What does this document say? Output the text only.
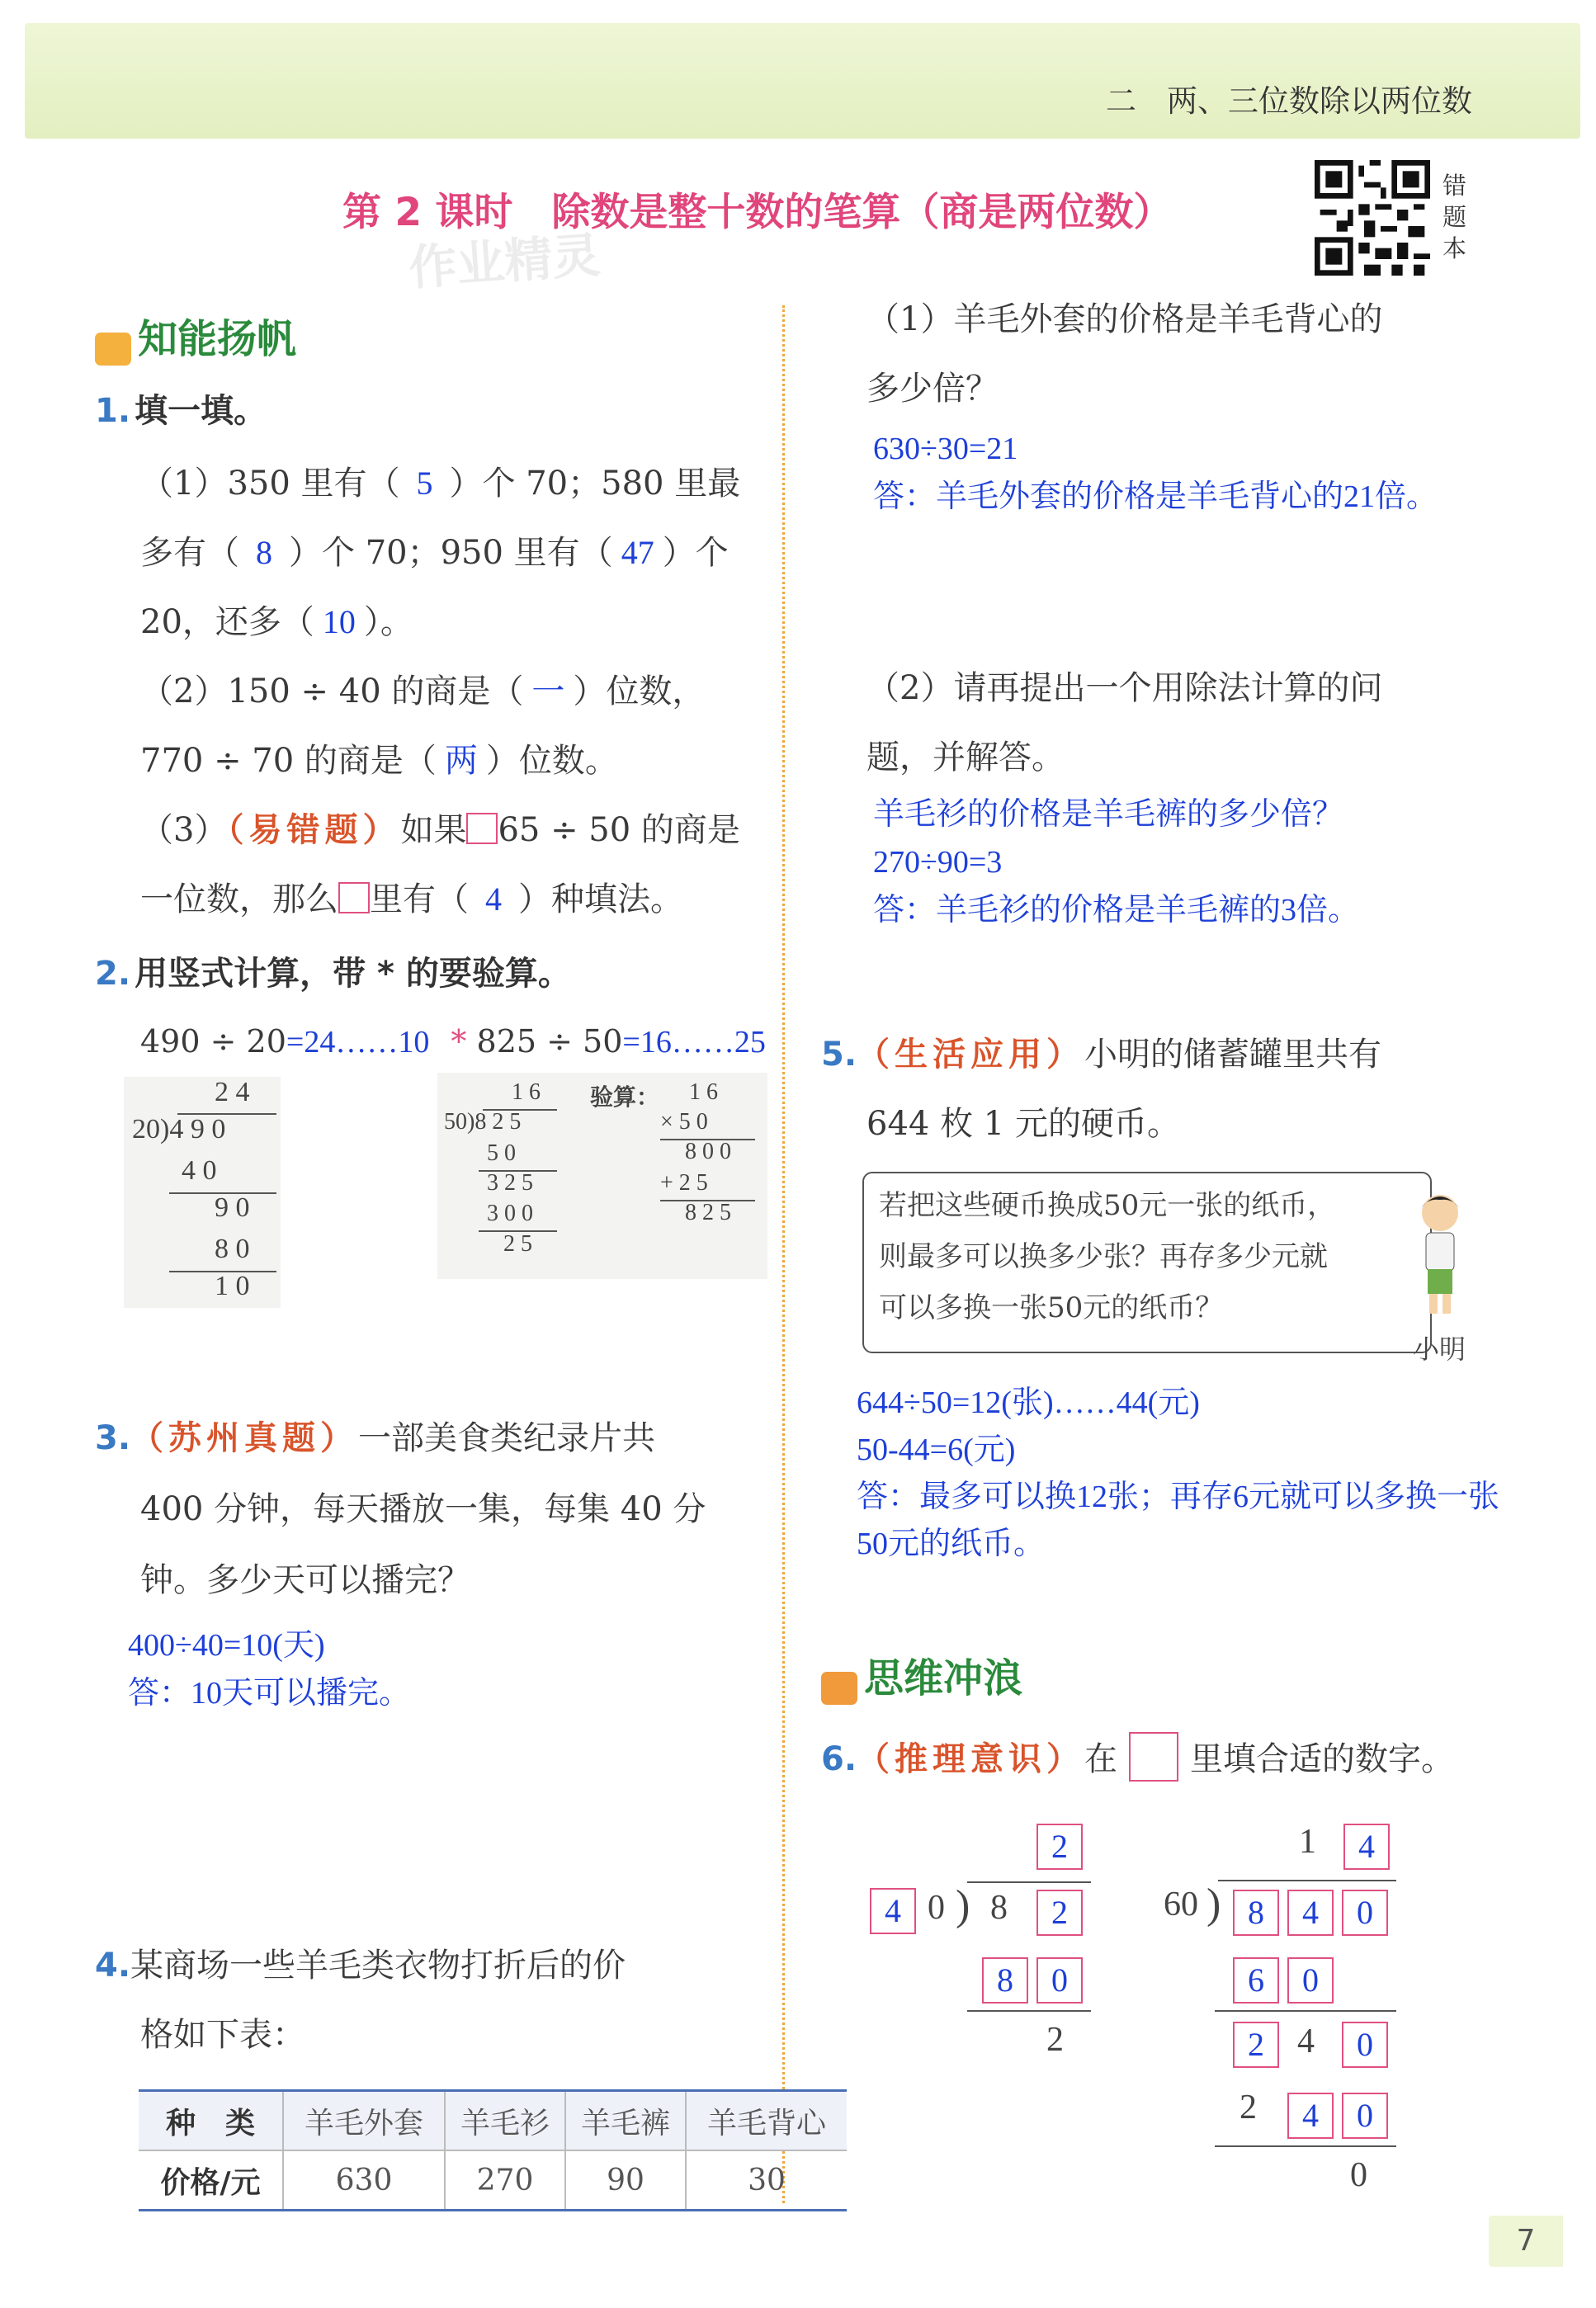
二　两、三位数除以两位数
第 2 课时　除数是整十数的笔算（商是两位数）
作业精灵
错题本
知能扬帆
1. 填一填。
（1）350 里有（ 5 ）个 70；580 里最
多有（ 8 ）个 70；950 里有（ 47 ）个
20，还多（ 10 ）。
（2）150 ÷ 40 的商是（ 一 ）位数，
770 ÷ 70 的商是（ 两 ）位数。
（3）（易错题）如果 65 ÷ 50 的商是
一位数，那么 里有（ 4 ）种填法。
2. 用竖式计算，带 * 的要验算。
490 ÷ 20=24……10 * 825 ÷ 50=16……25
2 4
20)4 9 0
4 0
9 0
8 0
1 0
1 6
50)8 2 5
5 0
3 2 5
3 0 0
2 5
验算： 1 6
× 5 0
8 0 0
+ 2 5
8 2 5
3.（苏州真题）一部美食类纪录片共
400 分钟，每天播放一集，每集 40 分
钟。多少天可以播完？
400÷40=10(天)
答：10天可以播完。
4.某商场一些羊毛类衣物打折后的价
格如下表：
种　类	羊毛外套	羊毛衫	羊毛裤	羊毛背心
价格/元	630	270	90	30
（1）羊毛外套的价格是羊毛背心的
多少倍？
630÷30=21
答：羊毛外套的价格是羊毛背心的21倍。
（2）请再提出一个用除法计算的问
题，并解答。
羊毛衫的价格是羊毛裤的多少倍？
270÷90=3
答：羊毛衫的价格是羊毛裤的3倍。
5.（生活应用）小明的储蓄罐里共有
644 枚 1 元的硬币。
若把这些硬币换成50元一张的纸币，
则最多可以换多少张？再存多少元就
可以多换一张50元的纸币？
小明
644÷50=12(张)……44(元)
50-44=6(元)
答：最多可以换12张；再存6元就可以多换一张
50元的纸币。
思维冲浪
6.（推理意识）在 里填合适的数字。
2
4 0 ) 8	2
8	0
2
1	4
60 ) 8	4	0
6	0
2 4	0
2	4	0
0
7
